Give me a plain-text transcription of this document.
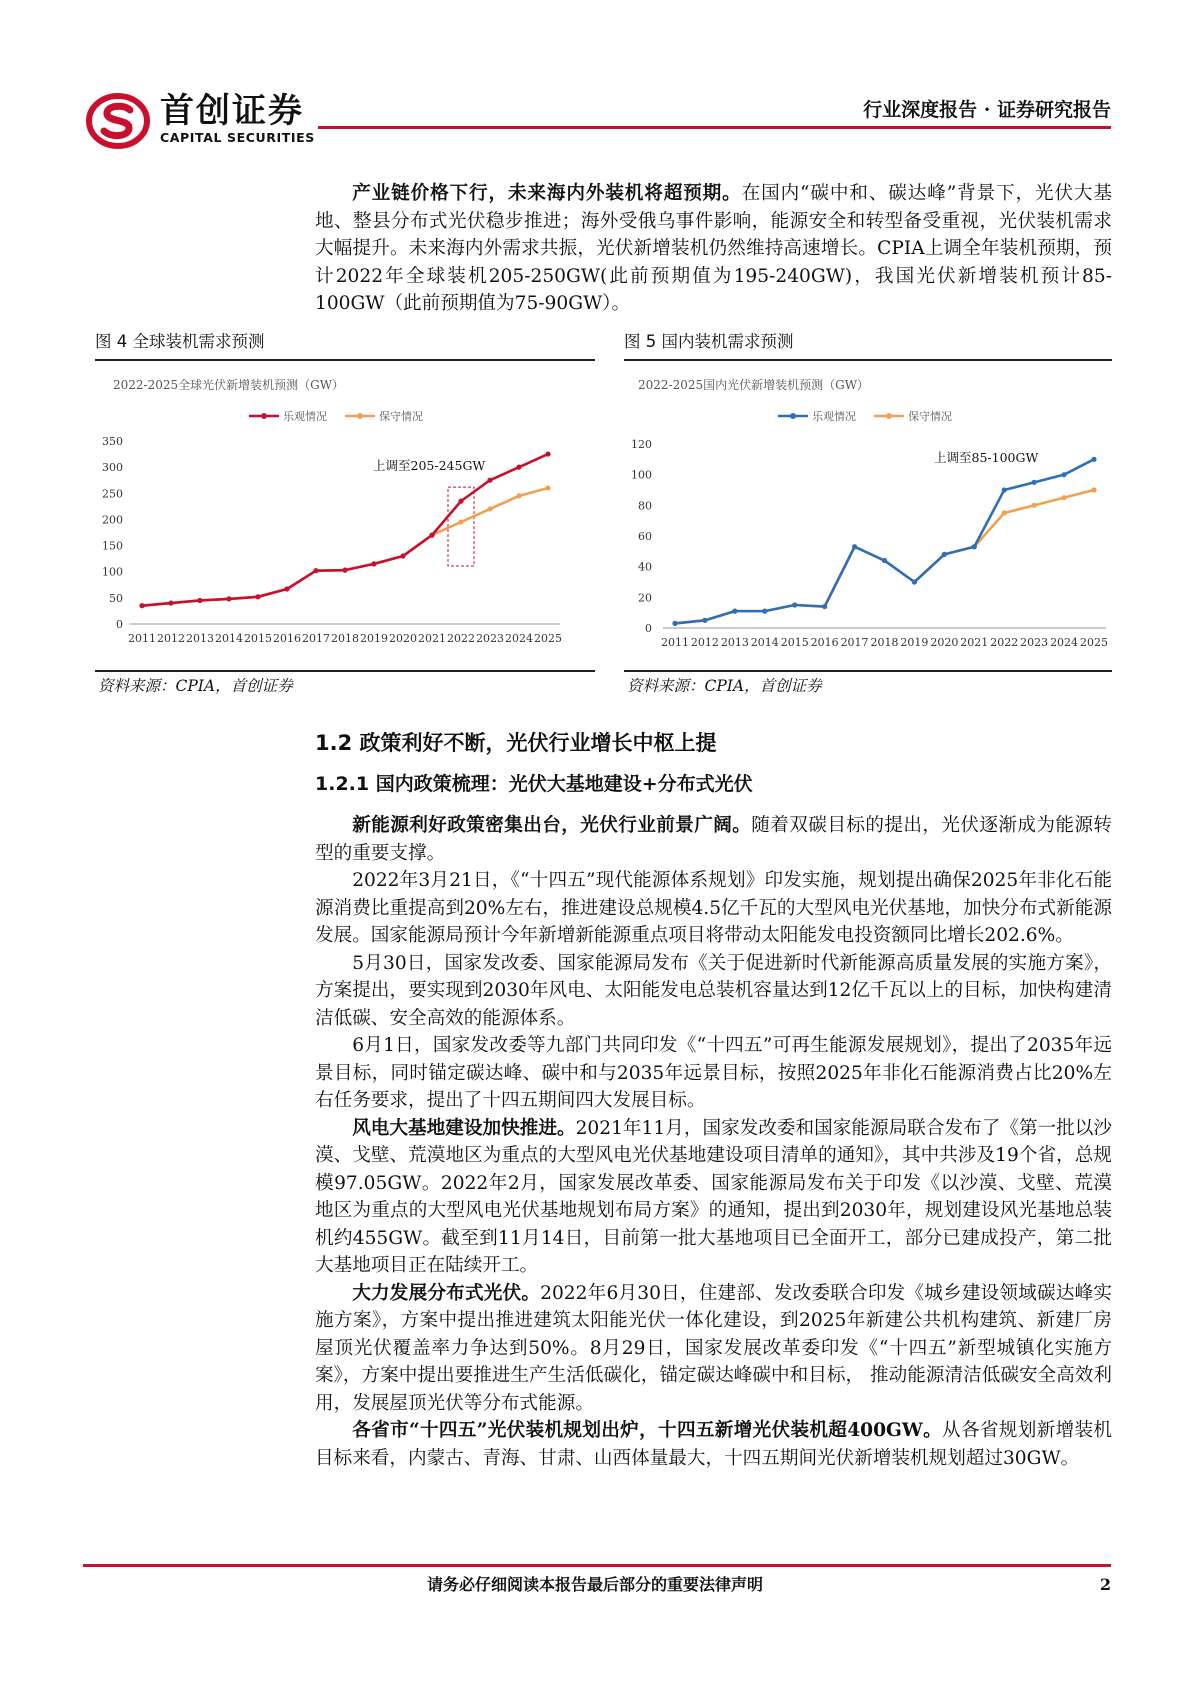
首创证券
CAPITAL SECURITIES
行业深度报告 · 证券研究报告

产业链价格下行，未来海内外装机将超预期。在国内“碳中和、碳达峰”背景下，光伏大基地、整县分布式光伏稳步推进；海外受俄乌事件影响，能源安全和转型备受重视，光伏装机需求大幅提升。未来海内外需求共振，光伏新增装机仍然维持高速增长。CPIA上调全年装机预期，预计2022年全球装机205-250GW(此前预期值为195-240GW)，我国光伏新增装机预计85-100GW（此前预期值为75-90GW）。

图 4 全球装机需求预测	图 5 国内装机需求预测
2022-2025全球光伏新增装机预测（GW）
乐观情况	保守情况
0
50
100
150
200
250
300
350
2011 2012 2013 2014 2015 2016 2017 2018 2019 2020 2021 2022 2023 2024 2025
上调至205-245GW
2022-2025国内光伏新增装机预测（GW）
乐观情况	保守情况
0
20
40
60
80
100
120
2011 2012 2013 2014 2015 2016 2017 2018 2019 2020 2021 2022 2023 2024 2025
上调至85-100GW
资料来源：CPIA，首创证券	资料来源：CPIA，首创证券
1.2 政策利好不断，光伏行业增长中枢上提
1.2.1 国内政策梳理：光伏大基地建设+分布式光伏

新能源利好政策密集出台，光伏行业前景广阔。随着双碳目标的提出，光伏逐渐成为能源转型的重要支撑。

2022年3月21日，《“十四五”现代能源体系规划》印发实施，规划提出确保2025年非化石能源消费比重提高到20%左右，推进建设总规模4.5亿千瓦的大型风电光伏基地，加快分布式新能源发展。国家能源局预计今年新增新能源重点项目将带动太阳能发电投资额同比增长202.6%。

5月30日，国家发改委、国家能源局发布《关于促进新时代新能源高质量发展的实施方案》，方案提出，要实现到2030年风电、太阳能发电总装机容量达到12亿千瓦以上的目标，加快构建清洁低碳、安全高效的能源体系。

6月1日，国家发改委等九部门共同印发《“十四五”可再生能源发展规划》，提出了2035年远景目标，同时锚定碳达峰、碳中和与2035年远景目标，按照2025年非化石能源消费占比20%左右任务要求，提出了十四五期间四大发展目标。

风电大基地建设加快推进。2021年11月，国家发改委和国家能源局联合发布了《第一批以沙漠、戈壁、荒漠地区为重点的大型风电光伏基地建设项目清单的通知》，其中共涉及19个省，总规模97.05GW。2022年2月，国家发展改革委、国家能源局发布关于印发《以沙漠、戈壁、荒漠地区为重点的大型风电光伏基地规划布局方案》的通知，提出到2030年，规划建设风光基地总装机约455GW。截至到11月14日，目前第一批大基地项目已全面开工，部分已建成投产，第二批大基地项目正在陆续开工。

大力发展分布式光伏。2022年6月30日，住建部、发改委联合印发《城乡建设领域碳达峰实施方案》，方案中提出推进建筑太阳能光伏一体化建设，到2025年新建公共机构建筑、新建厂房屋顶光伏覆盖率力争达到50%。8月29日，国家发展改革委印发《“十四五”新型城镇化实施方案》，方案中提出要推进生产生活低碳化，锚定碳达峰碳中和目标， 推动能源清洁低碳安全高效利用，发展屋顶光伏等分布式能源。

各省市“十四五”光伏装机规划出炉，十四五新增光伏装机超400GW。从各省规划新增装机目标来看，内蒙古、青海、甘肃、山西体量最大，十四五期间光伏新增装机规划超过30GW。

请务必仔细阅读本报告最后部分的重要法律声明	2
